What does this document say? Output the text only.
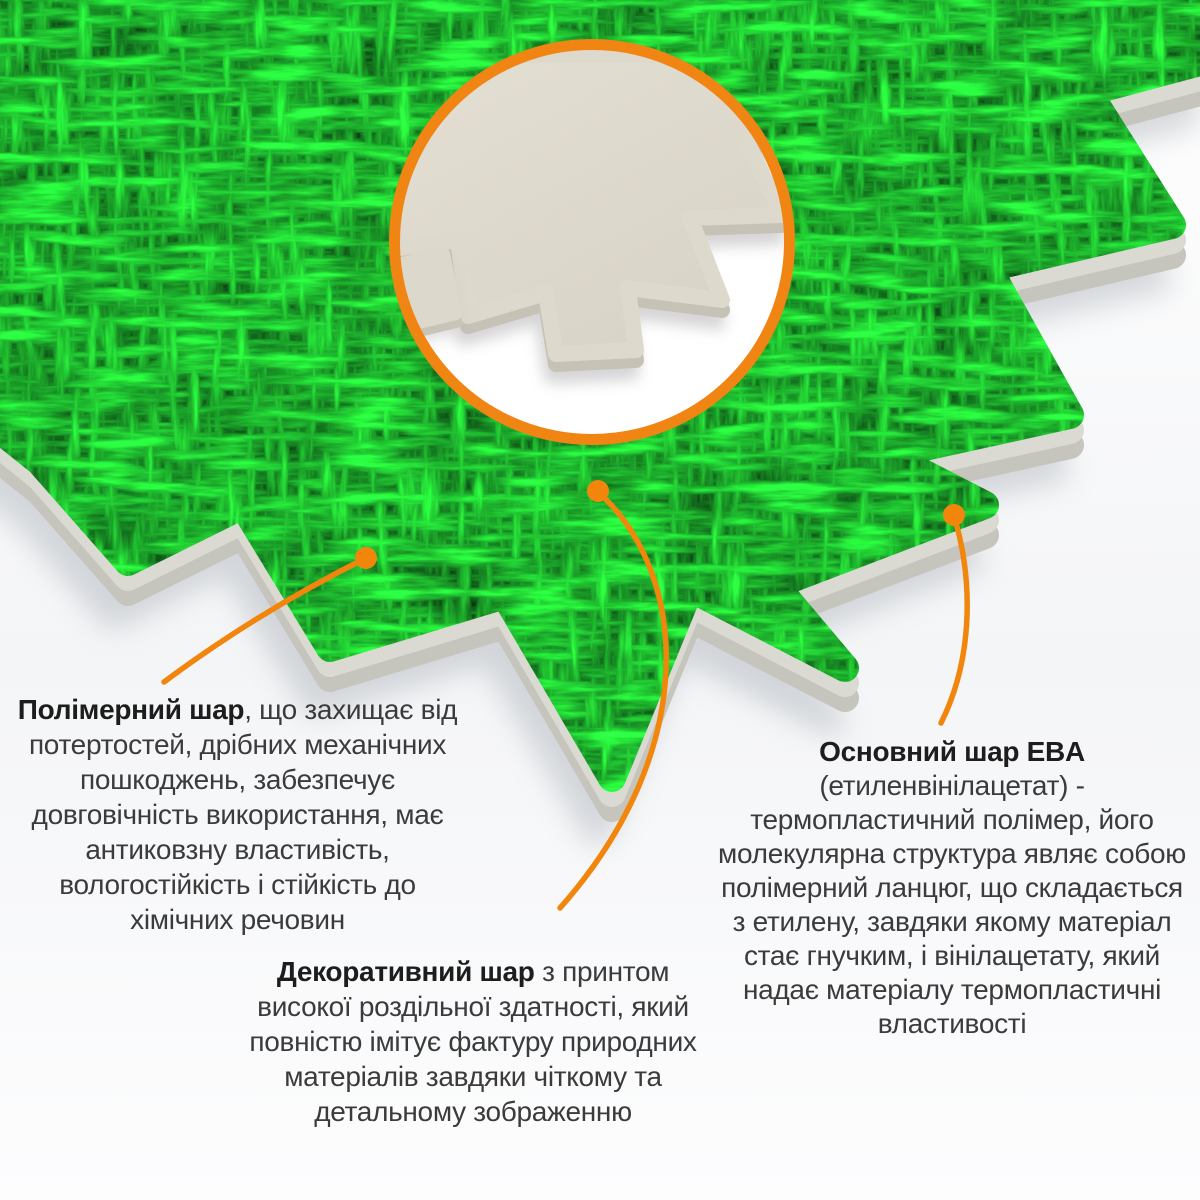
Полімерний шар, що захищає від потертостей, дрібних механічних пошкоджень, забезпечує довговічність використання, має антиковзну властивість, вологостійкість і стійкість до хімічних речовин
Декоративний шар з принтом високої роздільної здатності, який повністю імітує фактуру природних матеріалів завдяки чіткому та детальному зображенню
Основний шар EBA (етиленвінілацетат) - термопластичний полімер, його молекулярна структура являє собою полімерний ланцюг, що складається з етилену, завдяки якому матеріал стає гнучким, і вінілацетату, який надає матеріалу термопластичні властивості
